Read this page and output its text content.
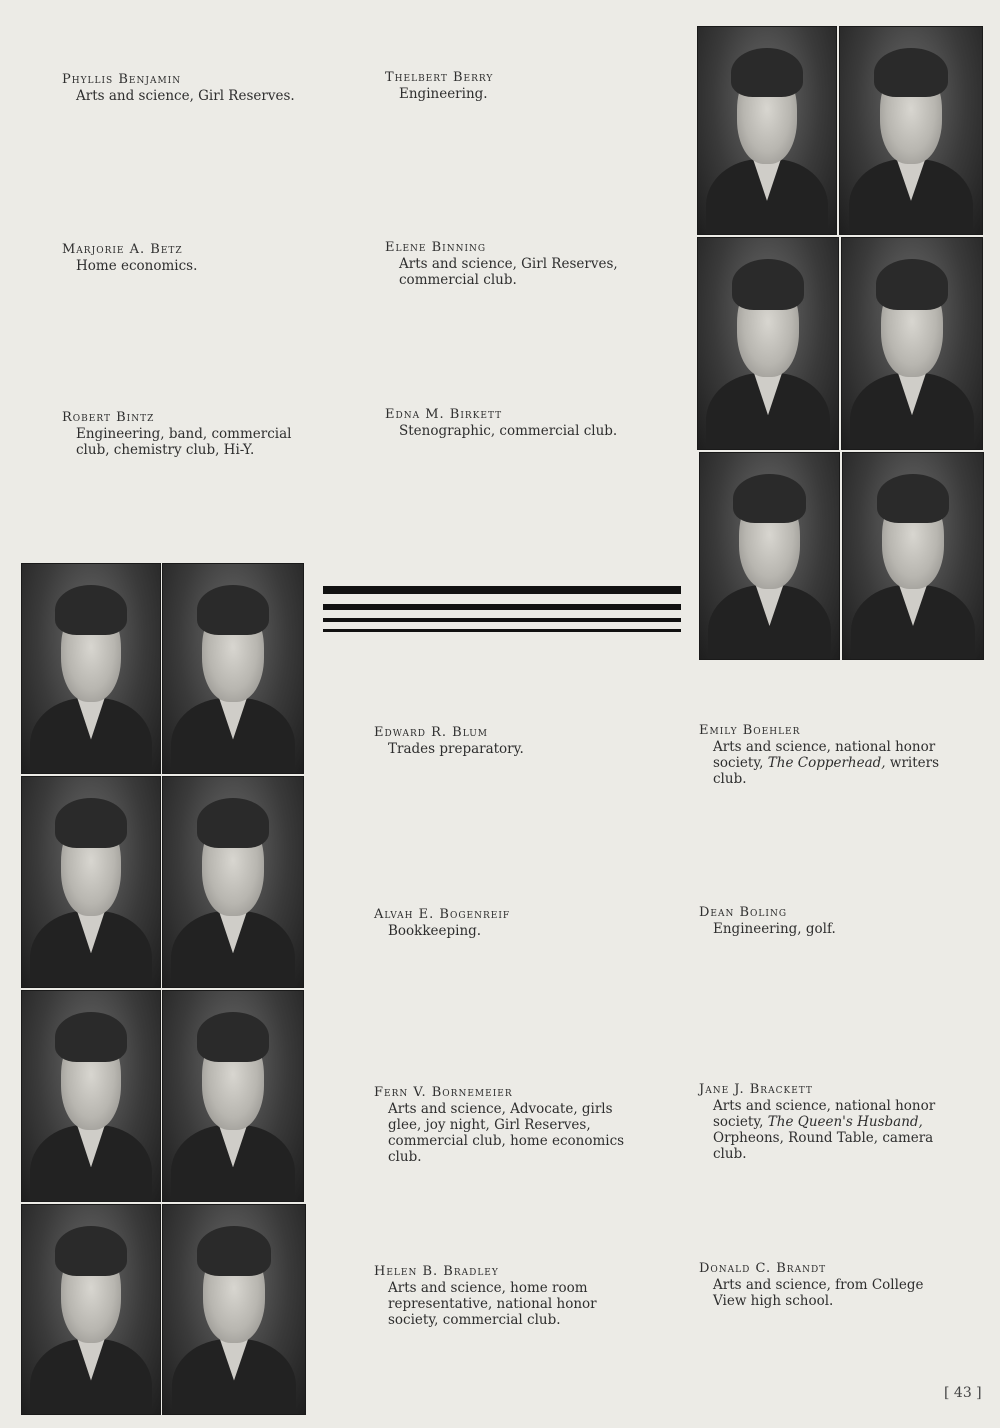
Phyllis Benjamin
Arts and science, Girl Reserves.
Thelbert Berry
Engineering.
Marjorie A. Betz
Home economics.
Elene Binning
Arts and science, Girl Reserves, commercial club.
Robert Bintz
Engineering, band, commercial club, chemistry club, Hi-Y.
Edna M. Birkett
Stenographic, commercial club.
Edward R. Blum
Trades preparatory.
Emily Boehler
Arts and science, national honor society, The Copperhead, writers club.
Alvah E. Bogenreif
Bookkeeping.
Dean Boling
Engineering, golf.
Fern V. Bornemeier
Arts and science, Advocate, girls glee, joy night, Girl Reserves, commercial club, home economics club.
Jane J. Brackett
Arts and science, national honor society, The Queen's Husband, Orpheons, Round Table, camera club.
Helen B. Bradley
Arts and science, home room representative, national honor society, commercial club.
Donald C. Brandt
Arts and science, from College View high school.
[ 43 ]
